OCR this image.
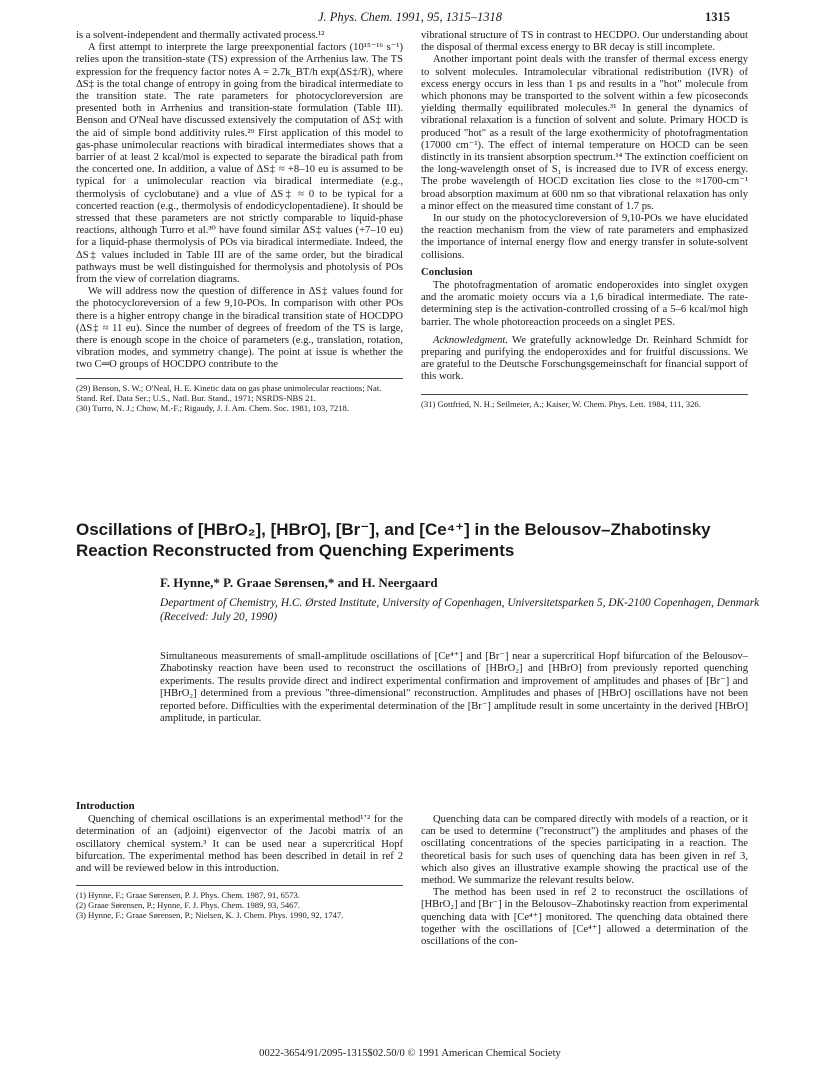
J. Phys. Chem. 1991, 95, 1315–1318	1315

is a solvent-independent and thermally activated process.¹²

A first attempt to interprete the large preexponential factors (10¹⁵⁻¹⁶ s⁻¹) relies upon the transition-state (TS) expression of the Arrhenius law. The TS expression for the frequency factor notes A = 2.7k_BT/h exp(ΔS‡/R), where ΔS‡ is the total change of entropy in going from the biradical intermediate to the transition state. The rate parameters for photocycloreversion are presented both in Arrhenius and transition-state formulation (Table III). Benson and O'Neal have discussed extensively the computation of ΔS‡ with the aid of simple bond additivity rules.²⁹ First application of this model to gas-phase unimolecular reactions with biradical intermediates shows that a barrier of at least 2 kcal/mol is expected to separate the biradical path from the concerted one. In addition, a value of ΔS‡ ≈ +8–10 eu is assumed to be typical for a unimolecular reaction via biradical intermediate (e.g., thermolysis of cyclobutane) and a vlue of ΔS‡ ≈ 0 to be typical for a concerted reaction (e.g., thermolysis of endodicyclopentadiene). It should be stressed that these parameters are not strictly comparable to liquid-phase reactions, although Turro et al.³⁰ have found similar ΔS‡ values (+7–10 eu) for a liquid-phase thermolysis of POs via biradical intermediate. Indeed, the ΔS‡ values included in Table III are of the same order, but the biradical pathways must be well distinguished for thermolysis and photolysis of POs from the view of correlation diagrams.

We will address now the question of difference in ΔS‡ values found for the photocycloreversion of a few 9,10-POs. In comparison with other POs there is a higher entropy change in the biradical transition state of HOCDPO (ΔS‡ ≈ 11 eu). Since the number of degrees of freedom of the TS is large, there is enough scope in the choice of parameters (e.g., translation, rotation, vibration modes, and symmetry change). The point at issue is whether the two C═O groups of HOCDPO contribute to the

(29) Benson, S. W.; O'Neal, H. E. Kinetic data on gas phase unimolecular reactions; Nat. Stand. Ref. Data Ser.; U.S., Natl. Bur. Stand., 1971; NSRDS-NBS 21.
(30) Turro, N. J.; Chow, M.-F.; Rigaudy, J. J. Am. Chem. Soc. 1981, 103, 7218.

vibrational structure of TS in contrast to HECDPO. Our understanding about the disposal of thermal excess energy to BR decay is still incomplete.

Another important point deals with the transfer of thermal excess energy to solvent molecules. Intramolecular vibrational redistribution (IVR) of excess energy occurs in less than 1 ps and results in a "hot" molecule from which phonons may be transported to the solvent within a few picoseconds yielding thermally equilibrated molecules.³¹ In general the dynamics of vibrational relaxation is a function of solvent and solute. Primary HOCD is produced "hot" as a result of the large exothermicity of photofragmentation (17000 cm⁻¹). The effect of internal temperature on HOCD can be seen distinctly in its transient absorption spectrum.¹⁴ The extinction coefficient on the long-wavelength onset of S₁ is increased due to IVR of excess energy. The probe wavelength of HOCD excitation lies close to the ≈1700-cm⁻¹ broad absorption maximum at 600 nm so that vibrational relaxation has only a minor effect on the measured time constant of 1.7 ps.

In our study on the photocycloreversion of 9,10-POs we have elucidated the reaction mechanism from the view of rate parameters and emphasized the importance of internal energy flow and energy transfer in solute-solvent collisions.

Conclusion

The photofragmentation of aromatic endoperoxides into singlet oxygen and the aromatic moiety occurs via a 1,6 biradical intermediate. The rate-determining step is the activation-controlled crossing of a 5–6 kcal/mol high barrier. The whole photoreaction proceeds on a singlet PES.

Acknowledgment. We gratefully acknowledge Dr. Reinhard Schmidt for preparing and purifying the endoperoxides and for fruitful discussions. We are grateful to the Deutsche Forschungsgemeinschaft for financial support of this work.

(31) Gottfried, N. H.; Seilmeier, A.; Kaiser, W. Chem. Phys. Lett. 1984, 111, 326.
Oscillations of [HBrO₂], [HBrO], [Br⁻], and [Ce⁴⁺] in the Belousov–Zhabotinsky Reaction Reconstructed from Quenching Experiments
F. Hynne,* P. Graae Sørensen,* and H. Neergaard
Department of Chemistry, H.C. Ørsted Institute, University of Copenhagen, Universitetsparken 5, DK-2100 Copenhagen, Denmark (Received: July 20, 1990)
Simultaneous measurements of small-amplitude oscillations of [Ce⁴⁺] and [Br⁻] near a supercritical Hopf bifurcation of the Belousov–Zhabotinsky reaction have been used to reconstruct the oscillations of [HBrO₂] and [HBrO] from previously reported quenching experiments. The results provide direct and indirect experimental confirmation and improvement of amplitudes and phases of [Br⁻] and [HBrO₂] determined from a previous "three-dimensional" reconstruction. Amplitudes and phases of [HBrO] oscillations have not been reported before. Difficulties with the experimental determination of the [Br⁻] amplitude result in some uncertainty in the derived [HBrO] amplitude, in particular.
Introduction

Quenching of chemical oscillations is an experimental method¹ʼ² for the determination of an (adjoint) eigenvector of the Jacobi matrix of an oscillatory chemical system.³ It can be used near a supercritical Hopf bifurcation. The experimental method has been described in detail in ref 2 and will be reviewed below in this introduction.

(1) Hynne, F.; Graae Sørensen, P. J. Phys. Chem. 1987, 91, 6573.
(2) Graae Sørensen, P.; Hynne, F. J. Phys. Chem. 1989, 93, 5467.
(3) Hynne, F.; Graae Sørensen, P.; Nielsen, K. J. Chem. Phys. 1990, 92, 1747.

Quenching data can be compared directly with models of a reaction, or it can be used to determine ("reconstruct") the amplitudes and phases of the oscillating concentrations of the species participating in a reaction. The theoretical basis for such uses of quenching data has been given in ref 3, which also gives an illustrative example showing the practical use of the method. We summarize the relevant results below.

The method has been used in ref 2 to reconstruct the oscillations of [HBrO₂] and [Br⁻] in the Belousov–Zhabotinsky reaction from experimental quenching data with [Ce⁴⁺] monitored. The quenching data obtained there together with the oscillations of [Ce⁴⁺] allowed a determination of the oscillations of the con-

0022-3654/91/2095-1315$02.50/0 © 1991 American Chemical Society
